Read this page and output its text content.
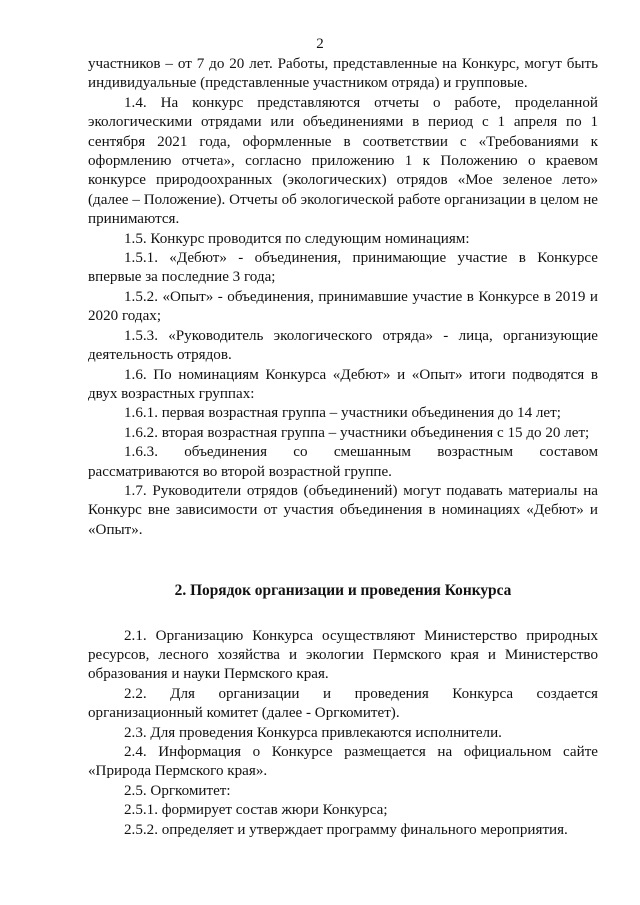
2

участников – от 7 до 20 лет. Работы, представленные на Конкурс, могут быть индивидуальные (представленные участником отряда) и групповые.

1.4. На конкурс представляются отчеты о работе, проделанной экологическими отрядами или объединениями в период с 1 апреля по 1 сентября 2021 года, оформленные в соответствии с «Требованиями к оформлению отчета», согласно приложению 1 к Положению о краевом конкурсе природоохранных (экологических) отрядов «Мое зеленое лето» (далее – Положение). Отчеты об экологической работе организации в целом не принимаются.

1.5. Конкурс проводится по следующим номинациям:

1.5.1. «Дебют» - объединения, принимающие участие в Конкурсе впервые за последние 3 года;

1.5.2. «Опыт» - объединения, принимавшие участие в Конкурсе в 2019 и 2020 годах;

1.5.3. «Руководитель экологического отряда» - лица, организующие деятельность отрядов.

1.6. По номинациям Конкурса «Дебют» и «Опыт» итоги подводятся в двух возрастных группах:

1.6.1. первая возрастная группа – участники объединения до 14 лет;

1.6.2. вторая возрастная группа – участники объединения с 15 до 20 лет;

1.6.3. объединения со смешанным возрастным составом рассматриваются во второй возрастной группе.

1.7. Руководители отрядов (объединений) могут подавать материалы на Конкурс вне зависимости от участия объединения в номинациях «Дебют» и «Опыт».

2. Порядок организации и проведения Конкурса

2.1. Организацию Конкурса осуществляют Министерство природных ресурсов, лесного хозяйства и экологии Пермского края и Министерство образования и науки Пермского края.

2.2. Для организации и проведения Конкурса создается организационный комитет (далее - Оргкомитет).

2.3. Для проведения Конкурса привлекаются исполнители.

2.4. Информация о Конкурсе размещается на официальном сайте «Природа Пермского края».

2.5. Оргкомитет:

2.5.1. формирует состав жюри Конкурса;

2.5.2. определяет и утверждает программу финального мероприятия.
